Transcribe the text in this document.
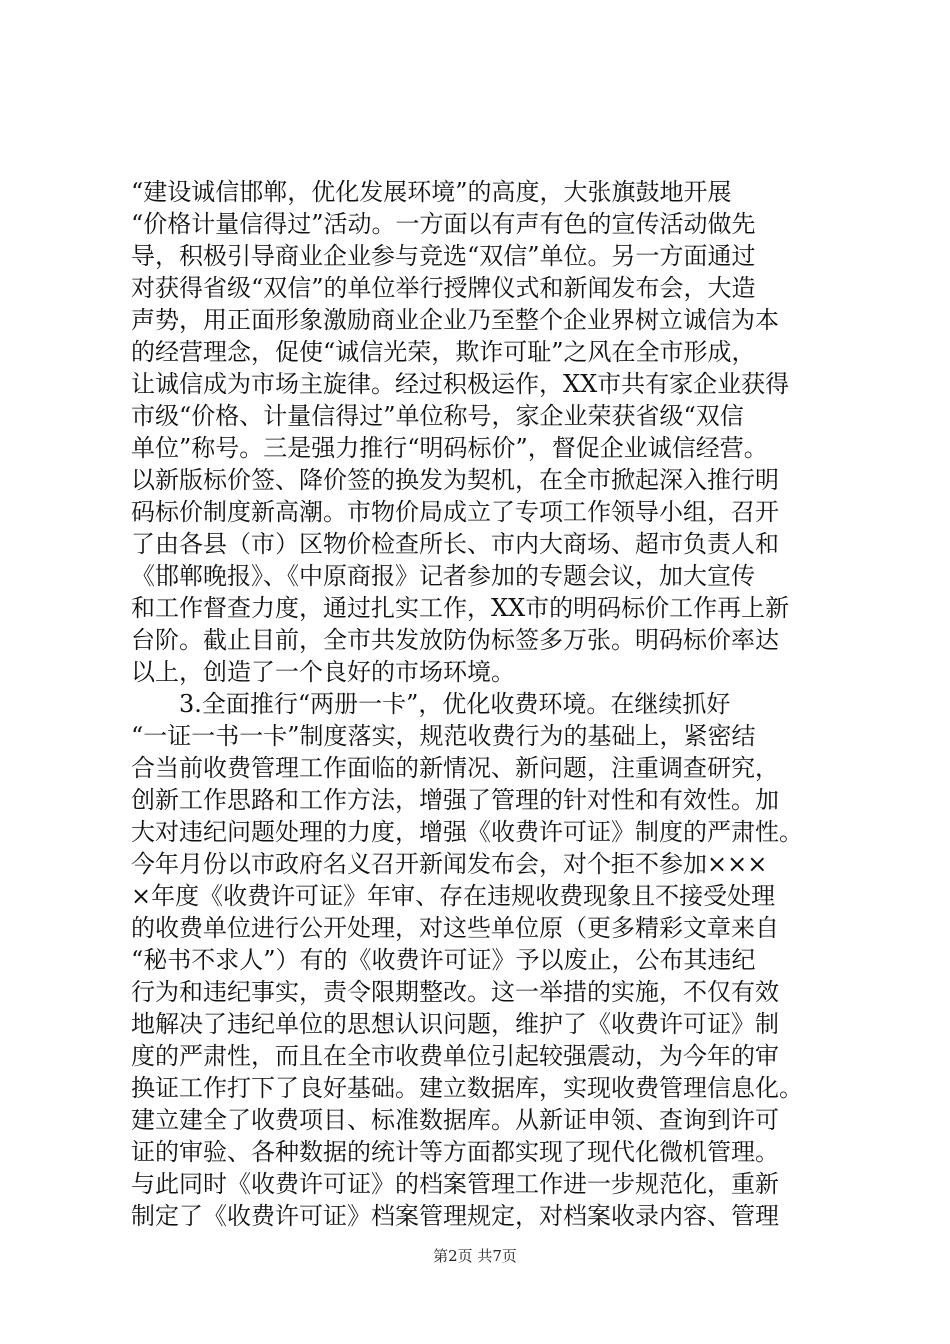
“建设诚信邯郸，优化发展环境”的高度，大张旗鼓地开展
“价格计量信得过”活动。一方面以有声有色的宣传活动做先
导，积极引导商业企业参与竞选“双信”单位。另一方面通过
对获得省级“双信”的单位举行授牌仪式和新闻发布会，大造
声势，用正面形象激励商业企业乃至整个企业界树立诚信为本
的经营理念，促使“诚信光荣，欺诈可耻”之风在全市形成，
让诚信成为市场主旋律。经过积极运作，XX市共有家企业获得
市级“价格、计量信得过”单位称号，家企业荣获省级“双信
单位”称号。三是强力推行“明码标价”，督促企业诚信经营。
以新版标价签、降价签的换发为契机，在全市掀起深入推行明
码标价制度新高潮。市物价局成立了专项工作领导小组，召开
了由各县（市）区物价检查所长、市内大商场、超市负责人和
《邯郸晚报》、《中原商报》记者参加的专题会议，加大宣传
和工作督查力度，通过扎实工作，XX市的明码标价工作再上新
台阶。截止目前，全市共发放防伪标签多万张。明码标价率达
以上，创造了一个良好的市场环境。
　　3.全面推行“两册一卡”，优化收费环境。在继续抓好
“一证一书一卡”制度落实，规范收费行为的基础上，紧密结
合当前收费管理工作面临的新情况、新问题，注重调查研究，
创新工作思路和工作方法，增强了管理的针对性和有效性。加
大对违纪问题处理的力度，增强《收费许可证》制度的严肃性。
今年月份以市政府名义召开新闻发布会，对个拒不参加×××
×年度《收费许可证》年审、存在违规收费现象且不接受处理
的收费单位进行公开处理，对这些单位原（更多精彩文章来自
“秘书不求人”）有的《收费许可证》予以废止，公布其违纪
行为和违纪事实，责令限期整改。这一举措的实施，不仅有效
地解决了违纪单位的思想认识问题，维护了《收费许可证》制
度的严肃性，而且在全市收费单位引起较强震动，为今年的审
换证工作打下了良好基础。建立数据库，实现收费管理信息化。
建立建全了收费项目、标准数据库。从新证申领、查询到许可
证的审验、各种数据的统计等方面都实现了现代化微机管理。
与此同时《收费许可证》的档案管理工作进一步规范化，重新
制定了《收费许可证》档案管理规定，对档案收录内容、管理
第2页 共7页
